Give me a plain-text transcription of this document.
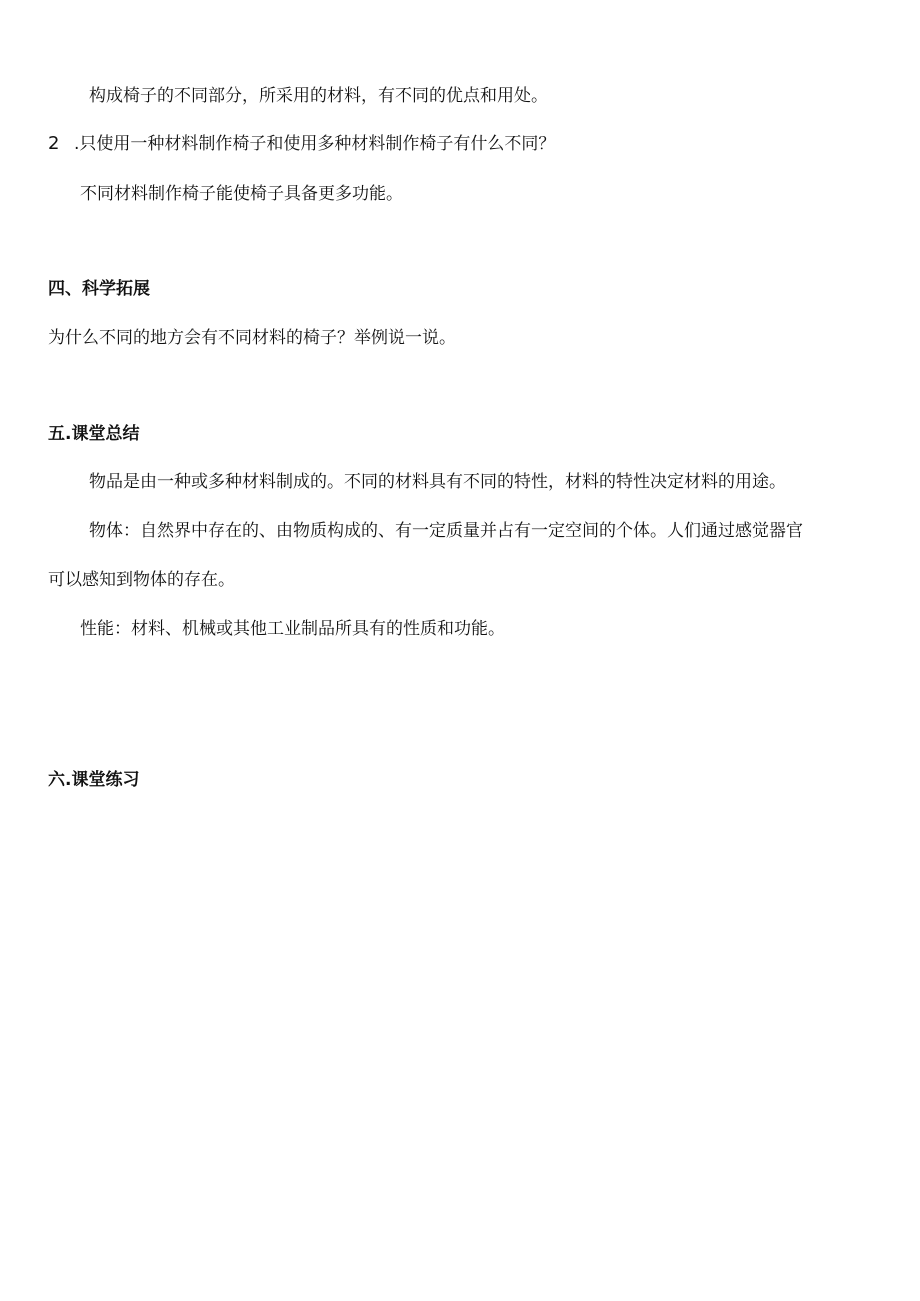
构成椅子的不同部分，所采用的材料，有不同的优点和用处。
2 .只使用一种材料制作椅子和使用多种材料制作椅子有什么不同？
不同材料制作椅子能使椅子具备更多功能。
四、科学拓展
为什么不同的地方会有不同材料的椅子？举例说一说。
五.课堂总结
物品是由一种或多种材料制成的。不同的材料具有不同的特性，材料的特性决定材料的用途。
物体：自然界中存在的、由物质构成的、有一定质量并占有一定空间的个体。人们通过感觉器官
可以感知到物体的存在。
性能：材料、机械或其他工业制品所具有的性质和功能。
六.课堂练习
